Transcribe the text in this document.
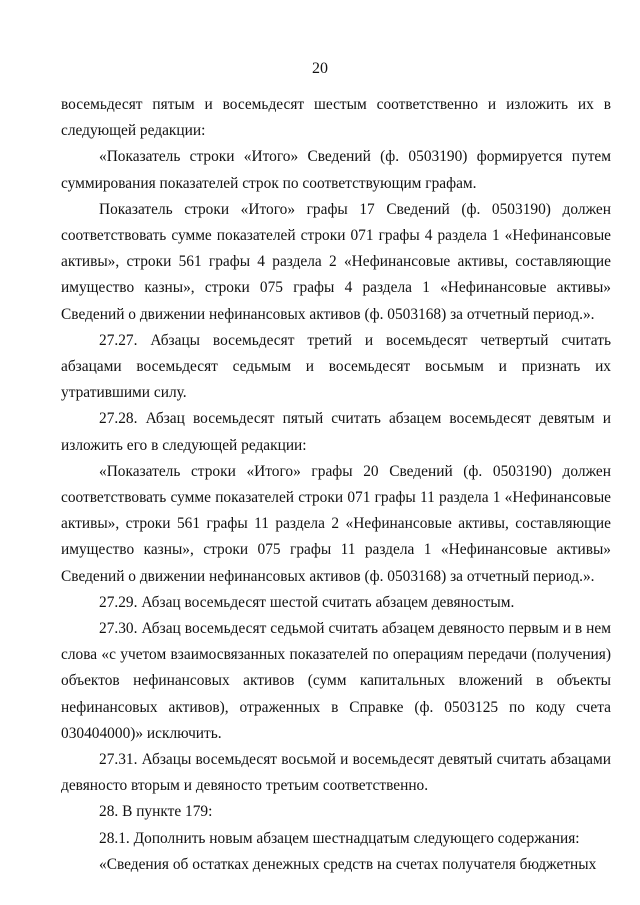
20

восемьдесят пятым и восемьдесят шестым соответственно и изложить их в следующей редакции:

«Показатель строки «Итого» Сведений (ф. 0503190) формируется путем суммирования показателей строк по соответствующим графам.

Показатель строки «Итого» графы 17 Сведений (ф. 0503190) должен соответствовать сумме показателей строки 071 графы 4 раздела 1 «Нефинансовые активы», строки 561 графы 4 раздела 2 «Нефинансовые активы, составляющие имущество казны», строки 075 графы 4 раздела 1 «Нефинансовые активы» Сведений о движении нефинансовых активов (ф. 0503168) за отчетный период.».

27.27. Абзацы восемьдесят третий и восемьдесят четвертый считать абзацами восемьдесят седьмым и восемьдесят восьмым и признать их утратившими силу.

27.28. Абзац восемьдесят пятый считать абзацем восемьдесят девятым и изложить его в следующей редакции:

«Показатель строки «Итого» графы 20 Сведений (ф. 0503190) должен соответствовать сумме показателей строки 071 графы 11 раздела 1 «Нефинансовые активы», строки 561 графы 11 раздела 2 «Нефинансовые активы, составляющие имущество казны», строки 075 графы 11 раздела 1 «Нефинансовые активы» Сведений о движении нефинансовых активов (ф. 0503168) за отчетный период.».

27.29. Абзац восемьдесят шестой считать абзацем девяностым.

27.30. Абзац восемьдесят седьмой считать абзацем девяносто первым и в нем слова «с учетом взаимосвязанных показателей по операциям передачи (получения) объектов нефинансовых активов (сумм капитальных вложений в объекты нефинансовых активов), отраженных в Справке (ф. 0503125 по коду счета 030404000)» исключить.

27.31. Абзацы восемьдесят восьмой и восемьдесят девятый считать абзацами девяносто вторым и девяносто третьим соответственно.

28. В пункте 179:

28.1. Дополнить новым абзацем шестнадцатым следующего содержания:

«Сведения об остатках денежных средств на счетах получателя бюджетных
